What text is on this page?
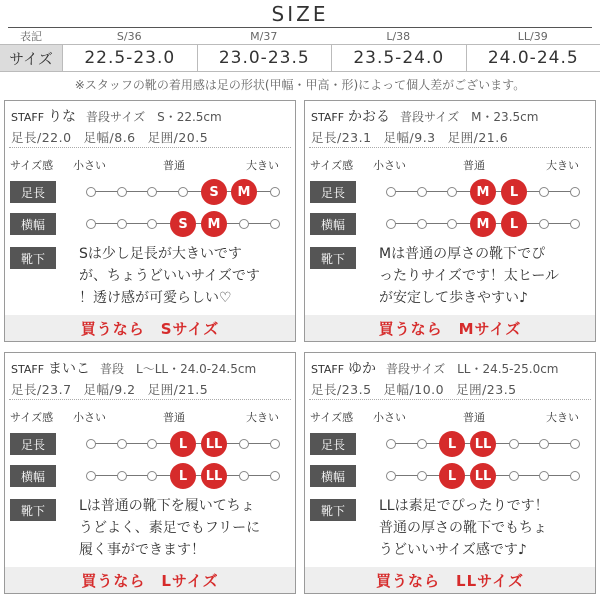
SIZE
表記	S/36	M/37	L/38	LL/39
サイズ	22.5-23.0	23.0-23.5	23.5-24.0	24.0-24.5
※スタッフの靴の着用感は足の形状(甲幅・甲高・形)によって個人差がございます。
STAFF りな 普段サイズ　S・22.5cm
足長/22.0 足幅/8.6 足囲/20.5
サイズ感 小さい	普通	大きい
足長
横幅
靴下	Sは少し足長が大きいです
が、ちょうどいいサイズです
！透け感が可愛らしい♡
買うなら　Sサイズ
S	M
S	M
STAFF かおる 普段サイズ　M・23.5cm
足長/23.1 足幅/9.3 足囲/21.6
サイズ感 小さい	普通	大きい
足長
横幅
靴下	Mは普通の厚さの靴下でぴ
ったりサイズです！太ヒール
が安定して歩きやすい♪
買うなら　Mサイズ
M	L
M	L
STAFF まいこ 普段　L〜LL・24.0-24.5cm
足長/23.7 足幅/9.2 足囲/21.5
サイズ感 小さい	普通	大きい
足長
横幅
靴下	Lは普通の靴下を履いてちょ
うどよく、素足でもフリーに
履く事ができます！
買うなら　Lサイズ
L	LL
L	LL
STAFF ゆか 普段サイズ　LL・24.5-25.0cm
足長/23.5 足幅/10.0 足囲/23.5
サイズ感 小さい	普通	大きい
足長
横幅
靴下	LLは素足でぴったりです！
普通の厚さの靴下でもちょ
うどいいサイズ感です♪
買うなら　LLサイズ
L	LL
L	LL
